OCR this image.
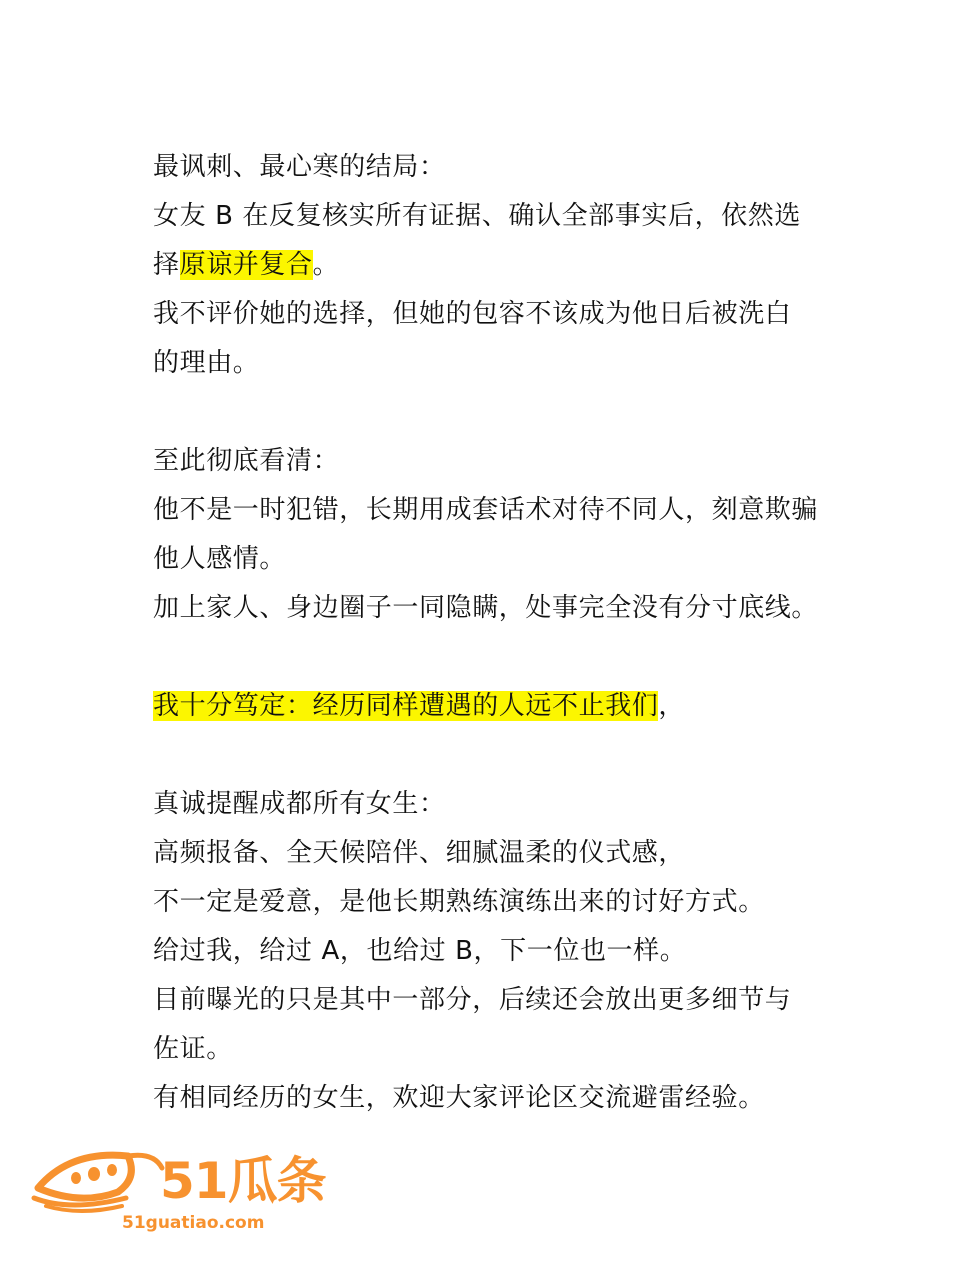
最讽刺、最心寒的结局：
女友 B 在反复核实所有证据、确认全部事实后，依然选
择原谅并复合。
我不评价她的选择，但她的包容不该成为他日后被洗白
的理由。
至此彻底看清：
他不是一时犯错，长期用成套话术对待不同人，刻意欺骗
他人感情。
加上家人、身边圈子一同隐瞒，处事完全没有分寸底线。
我十分笃定：经历同样遭遇的人远不止我们，
真诚提醒成都所有女生：
高频报备、全天候陪伴、细腻温柔的仪式感，
不一定是爱意，是他长期熟练演练出来的讨好方式。
给过我，给过 A，也给过 B，下一位也一样。
目前曝光的只是其中一部分，后续还会放出更多细节与
佐证。
有相同经历的女生，欢迎大家评论区交流避雷经验。
51瓜条
51guatiao.com
